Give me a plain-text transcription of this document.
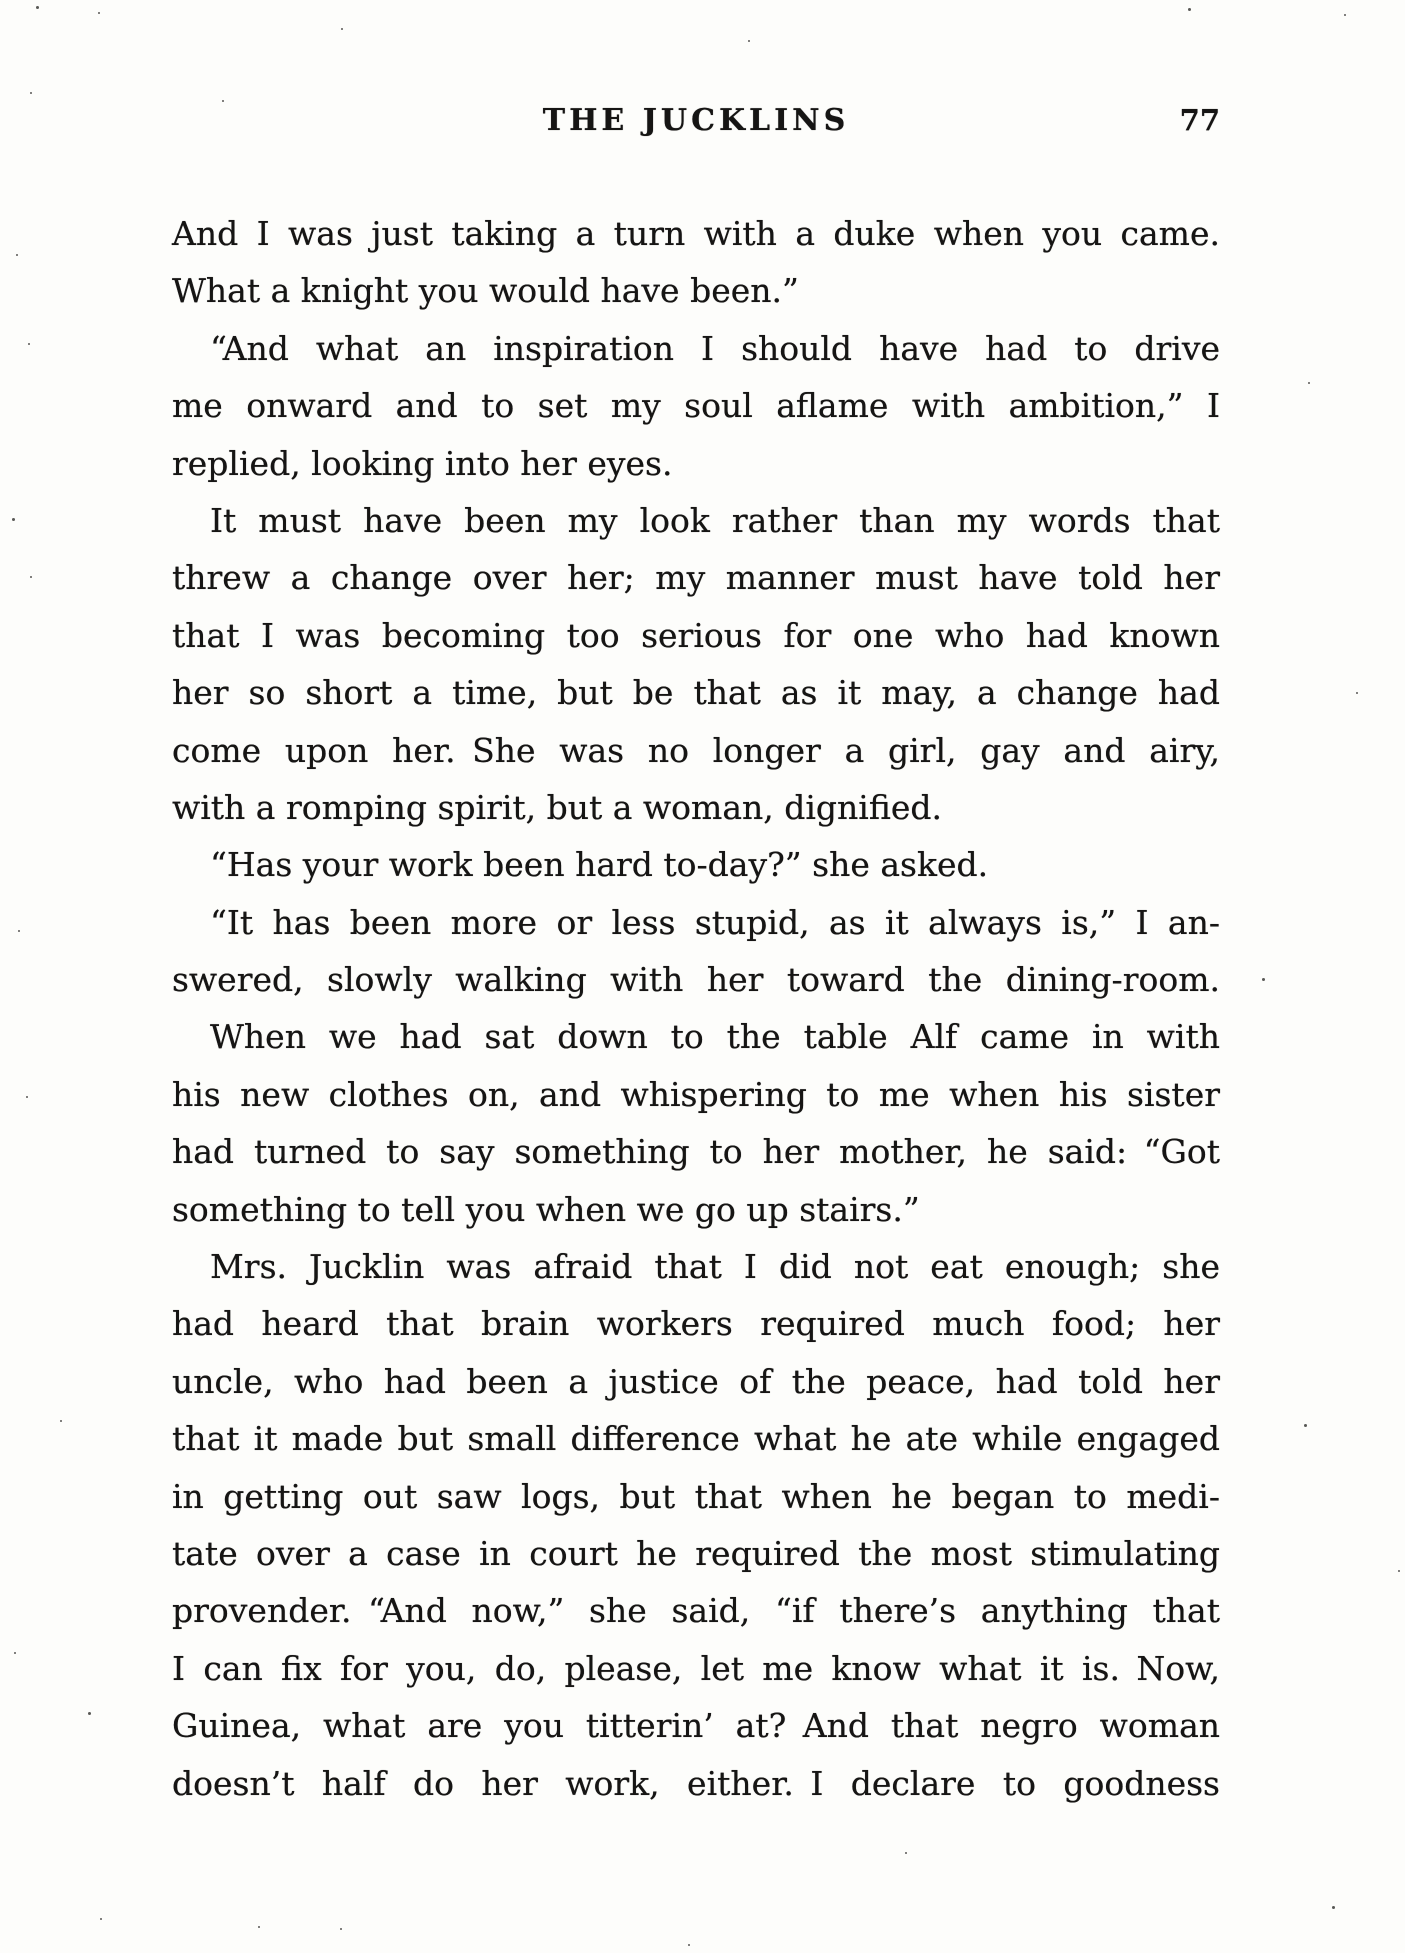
THE JUCKLINS	77
And I was just taking a turn with a duke when you came.
What a knight you would have been.”
“And what an inspiration I should have had to drive
me onward and to set my soul aflame with ambition,” I
replied, looking into her eyes.
It must have been my look rather than my words that
threw a change over her; my manner must have told her
that I was becoming too serious for one who had known
her so short a time, but be that as it may, a change had
come upon her. She was no longer a girl, gay and airy,
with a romping spirit, but a woman, dignified.
“Has your work been hard to-day?” she asked.
“It has been more or less stupid, as it always is,” I an-
swered, slowly walking with her toward the dining-room.
When we had sat down to the table Alf came in with
his new clothes on, and whispering to me when his sister
had turned to say something to her mother, he said: “Got
something to tell you when we go up stairs.”
Mrs. Jucklin was afraid that I did not eat enough; she
had heard that brain workers required much food; her
uncle, who had been a justice of the peace, had told her
that it made but small difference what he ate while engaged
in getting out saw logs, but that when he began to medi-
tate over a case in court he required the most stimulating
provender. “And now,” she said, “if there’s anything that
I can fix for you, do, please, let me know what it is. Now,
Guinea, what are you titterin’ at? And that negro woman
doesn’t half do her work, either. I declare to goodness
